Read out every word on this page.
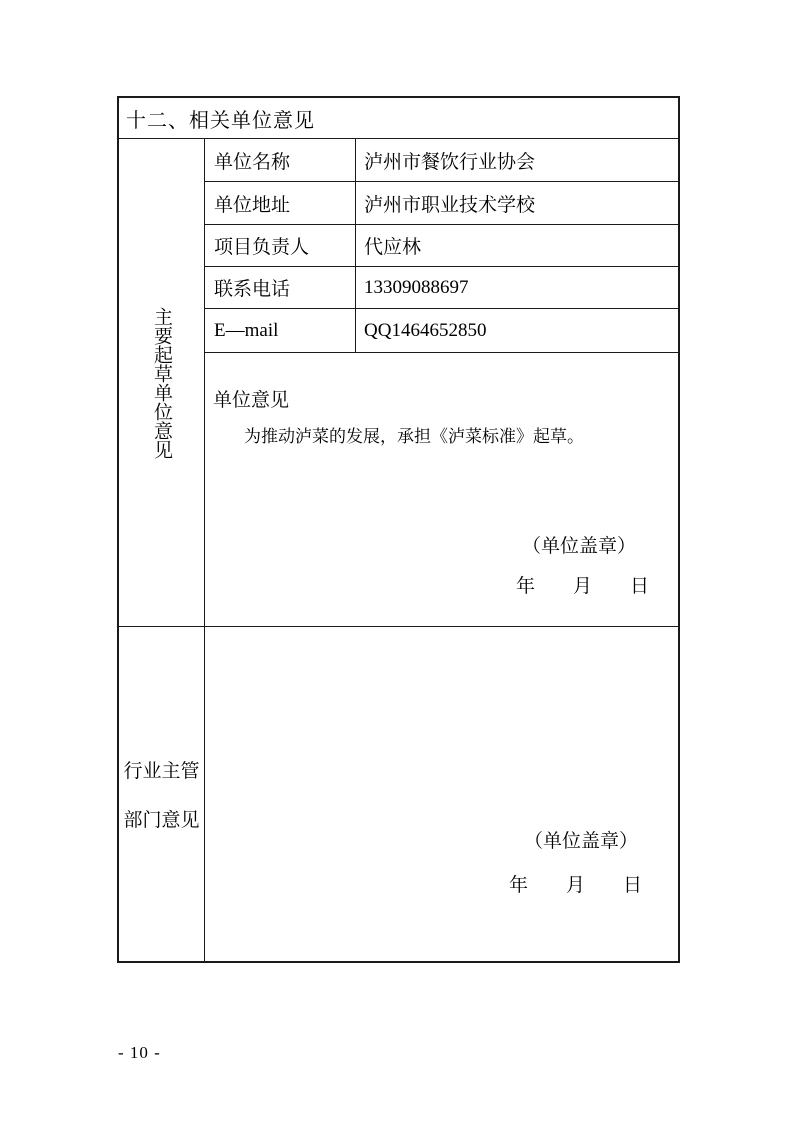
十二、相关单位意见
主要起草单位意见
单位名称	泸州市餐饮行业协会
单位地址	泸州市职业技术学校
项目负责人	代应林
联系电话	13309088697
E—mail	QQ1464652850
单位意见
为推动泸菜的发展，承担《泸菜标准》起草。
（单位盖章）
年　　月　　日
行业主管
部门意见
（单位盖章）
年　　月　　日
- 10 -
